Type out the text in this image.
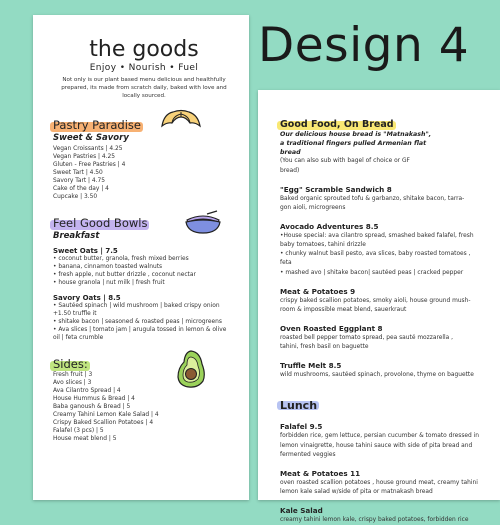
Design 4
the goods
Enjoy • Nourish • Fuel
Not only is our plant based menu delicious and healthfully prepared, its made from scratch daily, baked with love and locally sourced.
Pastry Paradise
Sweet & Savory
Vegan Croissants | 4.25
Vegan Pastries | 4.25
Gluten - Free Pastries | 4
Sweet Tart | 4.50
Savory Tart | 4.75
Cake of the day | 4
Cupcake | 3.50
Feel Good Bowls
Breakfast
Sweet Oats | 7.5
• coconut butter, granola, fresh mixed berries
• banana, cinnamon toasted walnuts
• fresh apple, nut butter drizzle , coconut nectar
• house granola | nut milk | fresh fruit
Savory Oats | 8.5
• Sautéed spinach | wild mushroom | baked crispy onion
+1.50 truffle it
• shitake bacon | seasoned & roasted peas | microgreens
• Ava slices | tomato jam | arugula tossed in lemon & olive
oil | feta crumble
Sides:
Fresh fruit | 3
Avo slices | 3
Ava Cilantro Spread | 4
House Hummus & Bread | 4
Baba ganoush & Bread | 5
Creamy Tahini Lemon Kale Salad | 4
Crispy Baked Scallion Potatoes | 4
Falafel (3 pcs) | 5
House meat blend | 5
Good Food, On Bread
Our delicious house bread is "Matnakash",
a traditional fingers pulled Armenian flat
bread
(You can also sub with bagel of choice or GF
bread)
"Egg" Scramble Sandwich 8
Baked organic sprouted tofu & garbanzo, shitake bacon, tarra-
gon aioli, microgreens
Avocado Adventures 8.5
•House special: ava cilantro spread, smashed baked falafel, fresh
baby tomatoes, tahini drizzle
• chunky walnut basil pesto, ava slices, baby roasted tomatoes ,
feta
• mashed avo | shitake bacon| sautéed peas | cracked pepper
Meat & Potatoes 9
crispy baked scallion potatoes, smoky aioli, house ground mush-
room & impossible meat blend, sauerkraut
Oven Roasted Eggplant 8
roasted bell pepper tomato spread, pea sauté mozzarella ,
tahini, fresh basil on baguette
Truffle Melt 8.5
wild mushrooms, sautéed spinach, provolone, thyme on baguette
Lunch
Falafel 9.5
forbidden rice, gem lettuce, persian cucumber & tomato dressed in
lemon vinaigrette, house tahini sauce with side of pita bread and
fermented veggies
Meat & Potatoes 11
oven roasted scallion potatoes , house ground meat, creamy tahini
lemon kale salad w/side of pita or matnakash bread
Kale Salad
creamy tahini lemon kale, crispy baked potatoes, forbidden rice
